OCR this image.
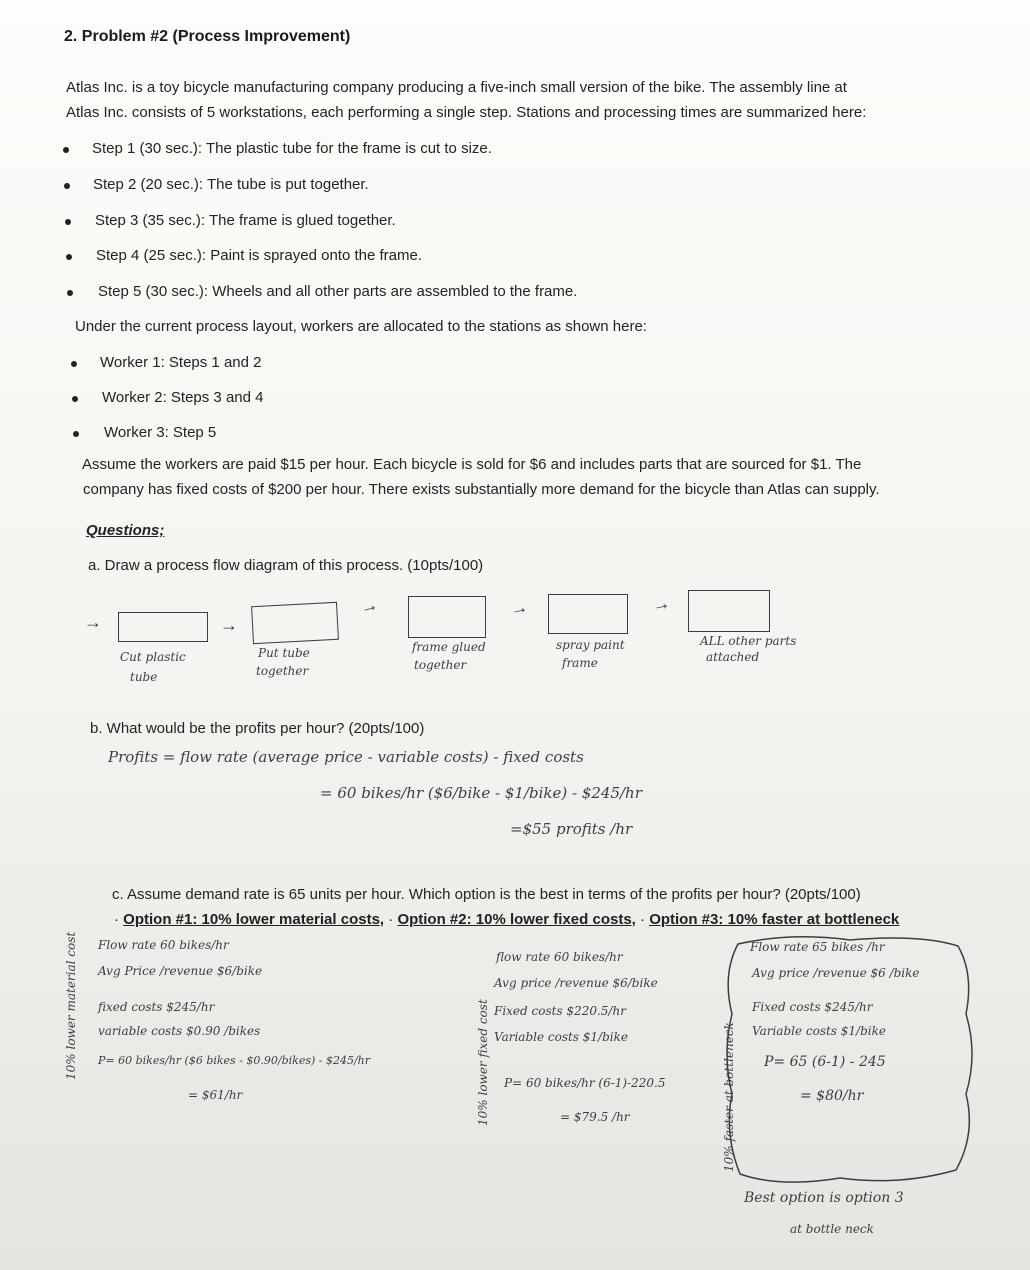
2. Problem #2 (Process Improvement)
Atlas Inc. is a toy bicycle manufacturing company producing a five-inch small version of the bike. The assembly line at
Atlas Inc. consists of 5 workstations, each performing a single step. Stations and processing times are summarized here:
Step 1 (30 sec.): The plastic tube for the frame is cut to size.
Step 2 (20 sec.): The tube is put together.
Step 3 (35 sec.): The frame is glued together.
Step 4 (25 sec.): Paint is sprayed onto the frame.
Step 5 (30 sec.): Wheels and all other parts are assembled to the frame.
Under the current process layout, workers are allocated to the stations as shown here:
Worker 1: Steps 1 and 2
Worker 2: Steps 3 and 4
Worker 3: Step 5
Assume the workers are paid $15 per hour. Each bicycle is sold for $6 and includes parts that are sourced for $1. The
company has fixed costs of $200 per hour. There exists substantially more demand for the bicycle than Atlas can supply.
Questions;
a. Draw a process flow diagram of this process. (10pts/100)
→	→
→	→	→
Cut plastic
tube
Put tube
together
frame glued
together
spray paint
frame
ALL other parts
attached
b. What would be the profits per hour? (20pts/100)
Profits = flow rate (average price - variable costs) - fixed costs
= 60 bikes/hr ($6/bike - $1/bike) - $245/hr
=$55 profits /hr
c. Assume demand rate is 65 units per hour. Which option is the best in terms of the profits per hour? (20pts/100)
· Option #1: 10% lower material costs, · Option #2: 10% lower fixed costs, · Option #3: 10% faster at bottleneck
10% lower material cost Flow rate 60 bikes/hr
Avg Price /revenue $6/bike
fixed costs $245/hr
variable costs $0.90 /bikes
P= 60 bikes/hr ($6 bikes - $0.90/bikes) - $245/hr
= $61/hr	10% lower fixed cost
flow rate 60 bikes/hr
Avg price /revenue $6/bike
Fixed costs $220.5/hr
Variable costs $1/bike
P= 60 bikes/hr (6-1)-220.5
= $79.5 /hr	10% faster at bottleneck
Flow rate 65 bikes /hr
Avg price /revenue $6 /bike
Fixed costs $245/hr
Variable costs $1/bike
P= 65 (6-1) - 245
= $80/hr
Best option is option 3
at bottle neck
